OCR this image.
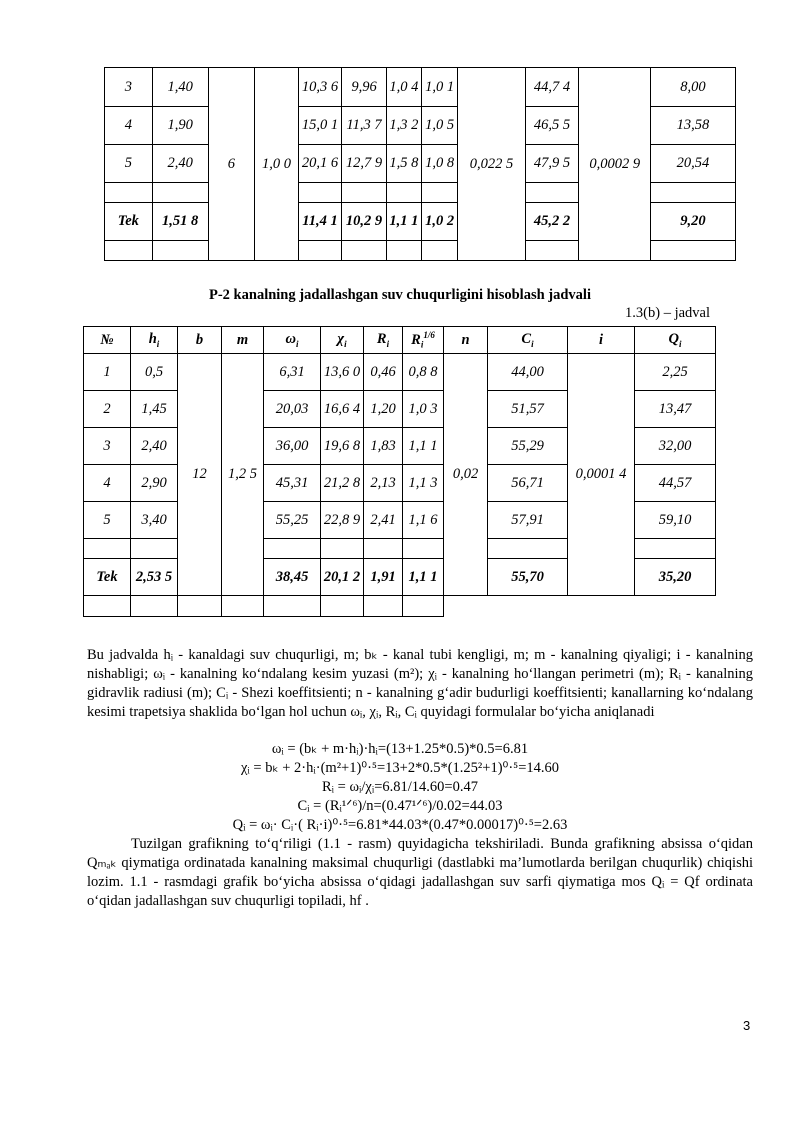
3	1,40	6	1,0 0	10,3 6	9,96	1,0 4	1,0 1	0,022 5	44,7 4	0,0002 9	8,00
4	1,90			15,0 1	11,3 7	1,3 2	1,0 5		46,5 5		13,58
5	2,40			20,1 6	12,7 9	1,5 8	1,0 8		47,9 5		20,54

Tek	1,51 8			11,4 1	10,2 9	1,1 1	1,0 2		45,2 2		9,20

P-2 kanalning jadallashgan suv chuqurligini hisoblash jadvali
1.3(b) – jadval
№	$h_i$	b	m	$\omega_i$	$\chi_i$	$R_i$	$R_i^{1/6}$	n	$C_i$	i	$Q_i$
1	0,5	12	1,2 5	6,31	13,6 0	0,46	0,8 8	0,02	44,00	0,0001 4	2,25
2	1,45			20,03	16,6 4	1,20	1,0 3		51,57		13,47
3	2,40			36,00	19,6 8	1,83	1,1 1		55,29		32,00
4	2,90			45,31	21,2 8	2,13	1,1 3		56,71		44,57
5	3,40			55,25	22,8 9	2,41	1,1 6		57,91		59,10

Tek	2,53 5			38,45	20,1 2	1,91	1,1 1		55,70		35,20

Bu jadvalda hᵢ - kanaldagi suv chuqurligi, m; bₖ - kanal tubi kengligi, m; m - kanalning qiyaligi; i - kanalning nishabligi; ωᵢ - kanalning ko‘ndalang kesim yuzasi (m²); χᵢ - kanalning ho‘llangan perimetri (m); Rᵢ - kanalning gidravlik radiusi (m); Cᵢ - Shezi koeffitsienti; n - kanalning g‘adir budurligi koeffitsienti; kanallarning ko‘ndalang kesimi trapetsiya shaklida bo‘lgan hol uchun ωᵢ, χᵢ, Rᵢ, Cᵢ quyidagi formulalar bo‘yicha aniqlanadi
ωᵢ = (bₖ + m·hᵢ)·hᵢ=(13+1.25*0.5)*0.5=6.81
χᵢ = bₖ + 2·hᵢ·(m²+1)⁰·⁵=13+2*0.5*(1.25²+1)⁰·⁵=14.60
Rᵢ = ωᵢ/χᵢ=6.81/14.60=0.47
Cᵢ = (Rᵢ¹ᐟ⁶)/n=(0.47¹ᐟ⁶)/0.02=44.03
Qᵢ = ωᵢ· Cᵢ·( Rᵢ·i)⁰·⁵=6.81*44.03*(0.47*0.00017)⁰·⁵=2.63
Tuzilgan grafikning to‘q‘riligi (1.1 - rasm) quyidagicha tekshiriladi. Bunda grafikning absissa o‘qidan Qₘₐₖ qiymatiga ordinatada kanalning maksimal chuqurligi (dastlabki ma’lumotlarda berilgan chuqurlik) chiqishi lozim. 1.1 - rasmdagi grafik bo‘yicha absissa o‘qidagi jadallashgan suv sarfi qiymatiga mos Qᵢ = Qf ordinata o‘qidan jadallashgan suv chuqurligi topiladi, hf .
3
